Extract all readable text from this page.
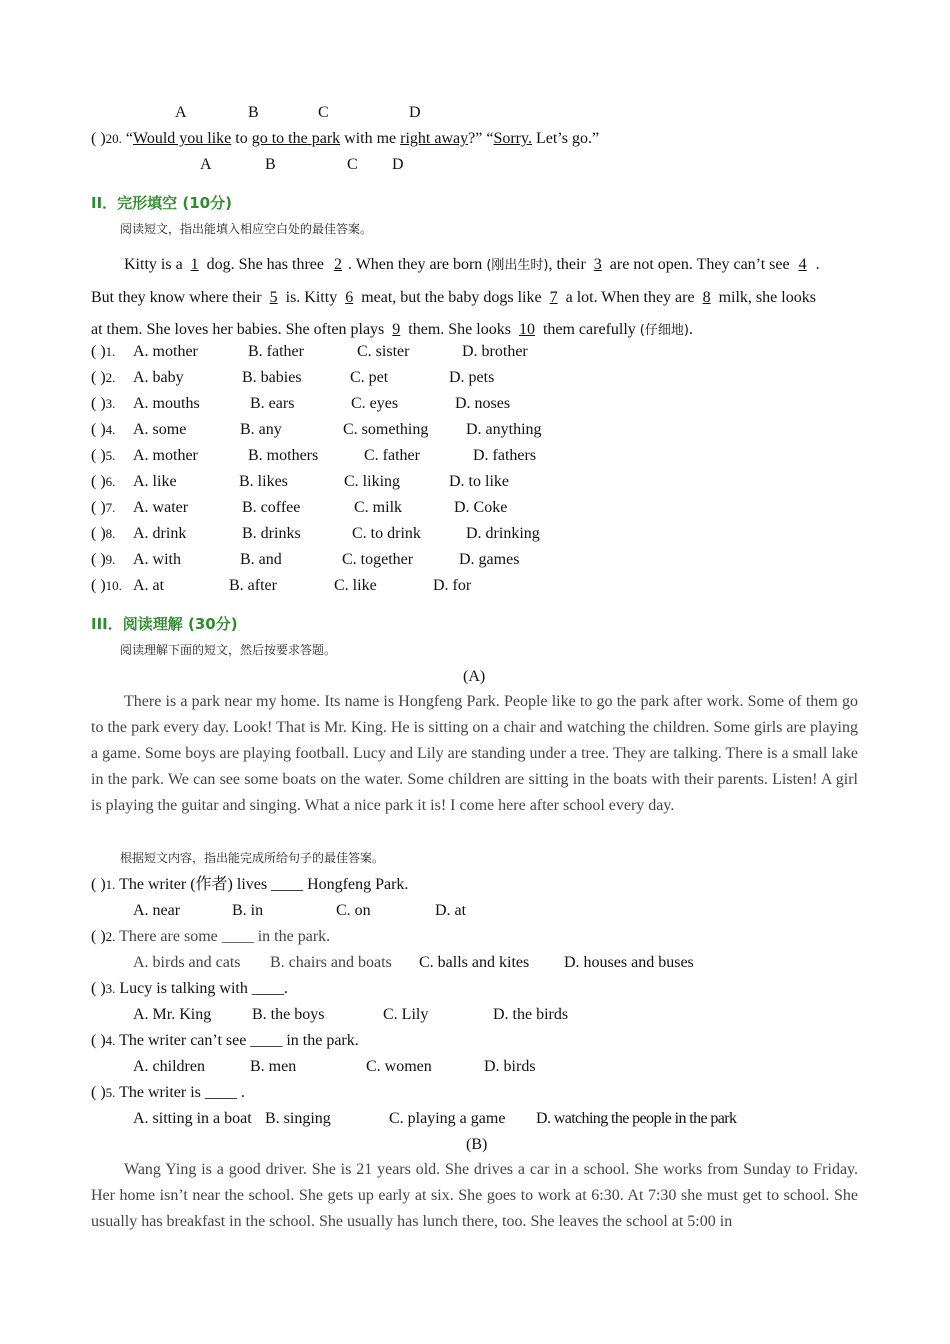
A	B	C	D
( )20. “Would you like to go to the park with me right away?” “Sorry. Let’s go.”
A	B	C D
II．完形填空 (10分)
阅读短文，指出能填入相应空白处的最佳答案。
Kitty is a 1 dog. She has three 2 . When they are born (刚出生时), their 3 are not open. They can’t see 4 .
But they know where their 5 is. Kitty 6 meat, but the baby dogs like 7 a lot. When they are 8 milk, she looks
at them. She loves her babies. She often plays 9 them. She looks 10 them carefully (仔细地).
( )1. A. mother	B. father	C. sister	D. brother
( )2. A. baby	B. babies	C. pet	D. pets
( )3. A. mouths	B. ears	C. eyes	D. noses
( )4. A. some	B. any	C. something D. anything
( )5. A. mother	B. mothers	C. father	D. fathers
( )6. A. like	B. likes	C. liking	D. to like
( )7. A. water	B. coffee	C. milk	D. Coke
( )8. A. drink	B. drinks	C. to drink	D. drinking
( )9. A. with	B. and	C. together	D. games
( )10. A. at	B. after	C. like	D. for
III．阅读理解 (30分)
阅读理解下面的短文，然后按要求答题。
(A)

There is a park near my home. Its name is Hongfeng Park. People like to go the park after work. Some of them go to the park every day. Look! That is Mr. King. He is sitting on a chair and watching the children. Some girls are playing a game. Some boys are playing football. Lucy and Lily are standing under a tree. They are talking. There is a small lake in the park. We can see some boats on the water. Some children are sitting in the boats with their parents. Listen! A girl is playing the guitar and singing. What a nice park it is! I come here after school every day.

根据短文内容，指出能完成所给句子的最佳答案。
( )1. The writer (作者) lives ____ Hongfeng Park.
A. near	B. in	C. on	D. at
( )2. There are some ____ in the park.
A. birds and cats B. chairs and boats C. balls and kites D. houses and buses
( )3. Lucy is talking with ____.
A. Mr. King	B. the boys	C. Lily	D. the birds
( )4. The writer can’t see ____ in the park.
A. children	B. men	C. women	D. birds
( )5. The writer is ____ .
A. sitting in a boat B. singing	C. playing a game D. watching the people in the park
(B)

Wang Ying is a good driver. She is 21 years old. She drives a car in a school. She works from Sunday to Friday. Her home isn’t near the school. She gets up early at six. She goes to work at 6:30. At 7:30 she must get to school. She usually has breakfast in the school. She usually has lunch there, too. She leaves the school at 5:00 in
